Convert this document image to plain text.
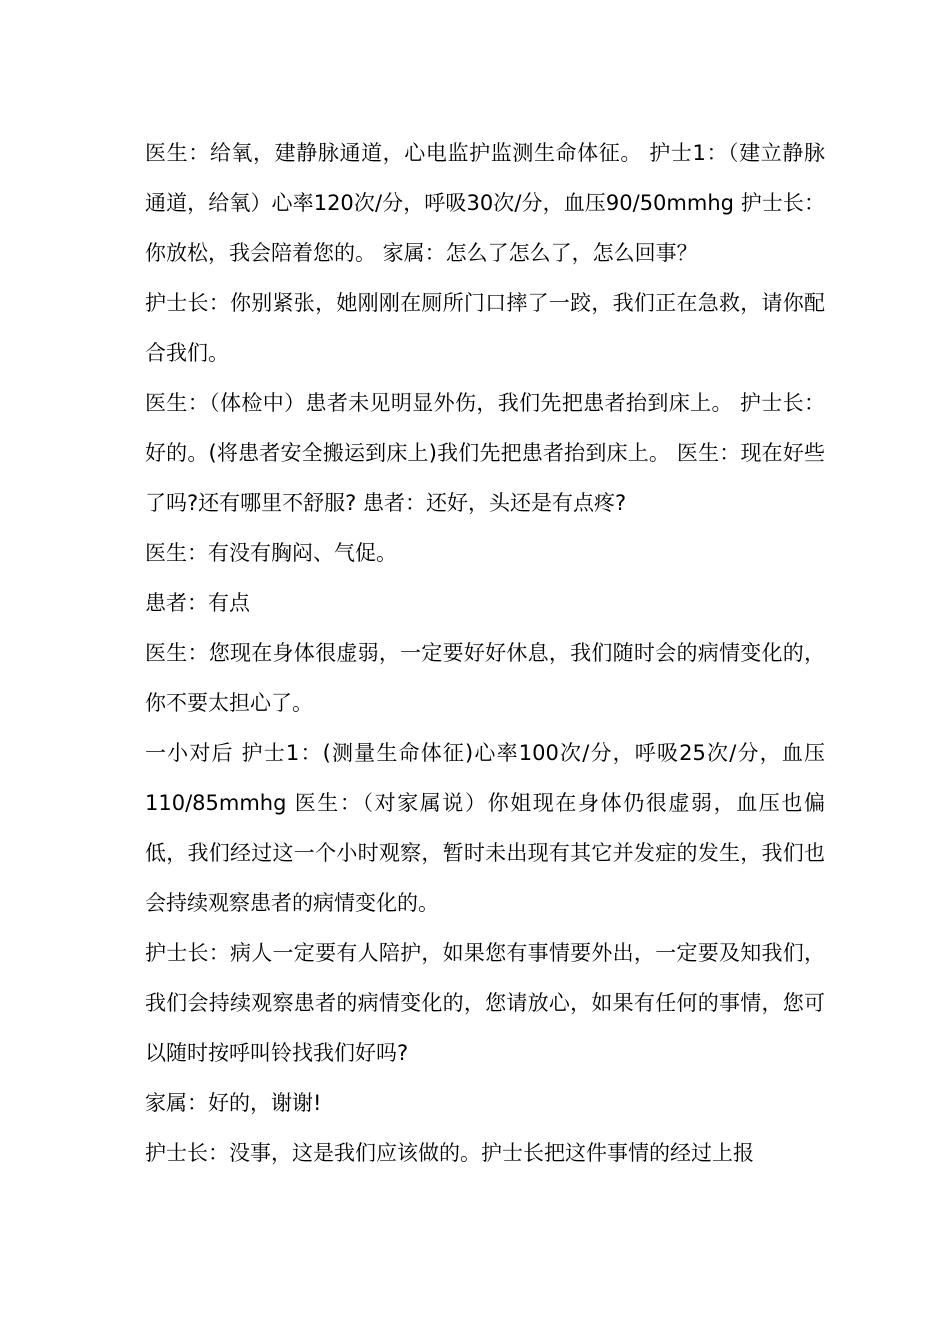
医生：给氧，建静脉通道，心电监护监测生命体征。 护士1：（建立静脉通道，给氧）心率120次/分，呼吸30次/分，血压90/50mmhg 护士长：你放松，我会陪着您的。 家属：怎么了怎么了，怎么回事？

护士长：你别紧张，她刚刚在厕所门口摔了一跤，我们正在急救，请你配合我们。

医生：（体检中）患者未见明显外伤，我们先把患者抬到床上。 护士长：好的。(将患者安全搬运到床上)我们先把患者抬到床上。 医生：现在好些了吗?还有哪里不舒服? 患者：还好，头还是有点疼?

医生：有没有胸闷、气促。

患者：有点

医生：您现在身体很虚弱，一定要好好休息，我们随时会的病情变化的，你不要太担心了。

一小对后 护士1：(测量生命体征)心率100次/分，呼吸25次/分，血压110/85mmhg 医生：（对家属说）你姐现在身体仍很虚弱，血压也偏低，我们经过这一个小时观察，暂时未出现有其它并发症的发生，我们也会持续观察患者的病情变化的。

护士长：病人一定要有人陪护，如果您有事情要外出，一定要及知我们，我们会持续观察患者的病情变化的，您请放心，如果有任何的事情，您可以随时按呼叫铃找我们好吗?

家属：好的，谢谢!

护士长：没事，这是我们应该做的。护士长把这件事情的经过上报
